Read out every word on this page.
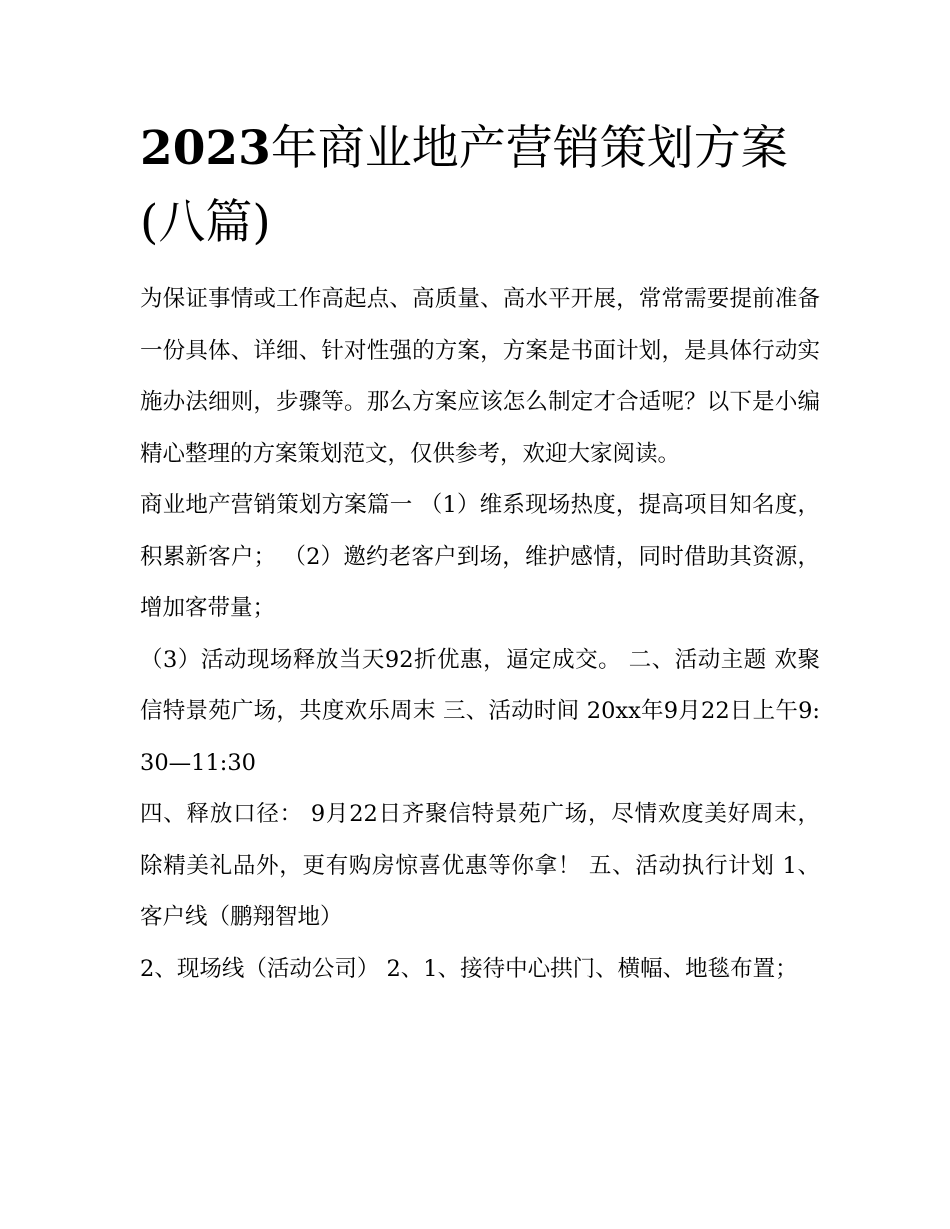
2023年商业地产营销策划方案(八篇)

为保证事情或工作高起点、高质量、高水平开展，常常需要提前准备一份具体、详细、针对性强的方案，方案是书面计划，是具体行动实施办法细则，步骤等。那么方案应该怎么制定才合适呢？以下是小编精心整理的方案策划范文，仅供参考，欢迎大家阅读。

商业地产营销策划方案篇一 （1）维系现场热度，提高项目知名度，积累新客户； （2）邀约老客户到场，维护感情，同时借助其资源，增加客带量；

（3）活动现场释放当天92折优惠，逼定成交。 二、活动主题 欢聚信特景苑广场，共度欢乐周末 三、活动时间 20xx年9月22日上午9:30—11:30

四、释放口径： 9月22日齐聚信特景苑广场，尽情欢度美好周末，除精美礼品外，更有购房惊喜优惠等你拿！ 五、活动执行计划 1、客户线（鹏翔智地）

2、现场线（活动公司） 2、1、接待中心拱门、横幅、地毯布置；
